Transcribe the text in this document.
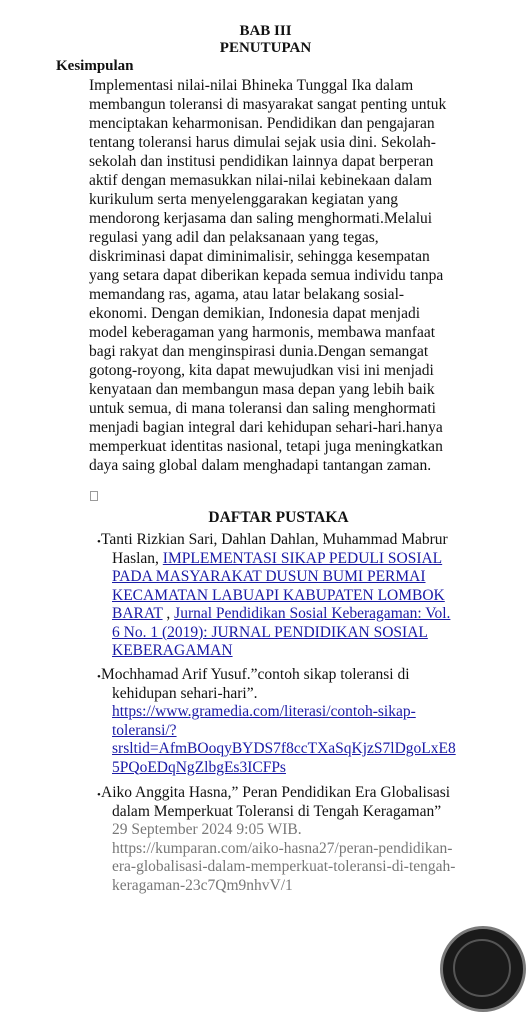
BAB III

PENUTUPAN

Kesimpulan

Implementasi nilai-nilai Bhineka Tunggal Ika dalam

membangun toleransi di masyarakat sangat penting untuk

menciptakan keharmonisan. Pendidikan dan pengajaran

tentang toleransi harus dimulai sejak usia dini. Sekolah-

sekolah dan institusi pendidikan lainnya dapat berperan

aktif dengan memasukkan nilai-nilai kebinekaan dalam

kurikulum serta menyelenggarakan kegiatan yang

mendorong kerjasama dan saling menghormati.Melalui

regulasi yang adil dan pelaksanaan yang tegas,

diskriminasi dapat diminimalisir, sehingga kesempatan

yang setara dapat diberikan kepada semua individu tanpa

memandang ras, agama, atau latar belakang sosial-

ekonomi. Dengan demikian, Indonesia dapat menjadi

model keberagaman yang harmonis, membawa manfaat

bagi rakyat dan menginspirasi dunia.Dengan semangat

gotong-royong, kita dapat mewujudkan visi ini menjadi

kenyataan dan membangun masa depan yang lebih baik

untuk semua, di mana toleransi dan saling menghormati

menjadi bagian integral dari kehidupan sehari-hari.hanya

memperkuat identitas nasional, tetapi juga meningkatkan

daya saing global dalam menghadapi tantangan zaman.

DAFTAR PUSTAKA

• Tanti Rizkian Sari, Dahlan Dahlan, Muhammad Mabrur

Haslan, IMPLEMENTASI SIKAP PEDULI SOSIAL

PADA MASYARAKAT DUSUN BUMI PERMAI

KECAMATAN LABUAPI KABUPATEN LOMBOK

BARAT , Jurnal Pendidikan Sosial Keberagaman: Vol.

6 No. 1 (2019): JURNAL PENDIDIKAN SOSIAL

KEBERAGAMAN

• Mochhamad Arif Yusuf.”contoh sikap toleransi di

kehidupan sehari-hari”.

https://www.gramedia.com/literasi/contoh-sikap-

toleransi/?

srsltid=AfmBOoqyBYDS7f8ccTXaSqKjzS7lDgoLxE8

5PQoEDqNgZlbgEs3ICFPs

• Aiko Anggita Hasna,” Peran Pendidikan Era Globalisasi

dalam Memperkuat Toleransi di Tengah Keragaman”

29 September 2024 9:05 WIB.

https://kumparan.com/aiko-hasna27/peran-pendidikan-

era-globalisasi-dalam-memperkuat-toleransi-di-tengah-

keragaman-23c7Qm9nhvV/1
